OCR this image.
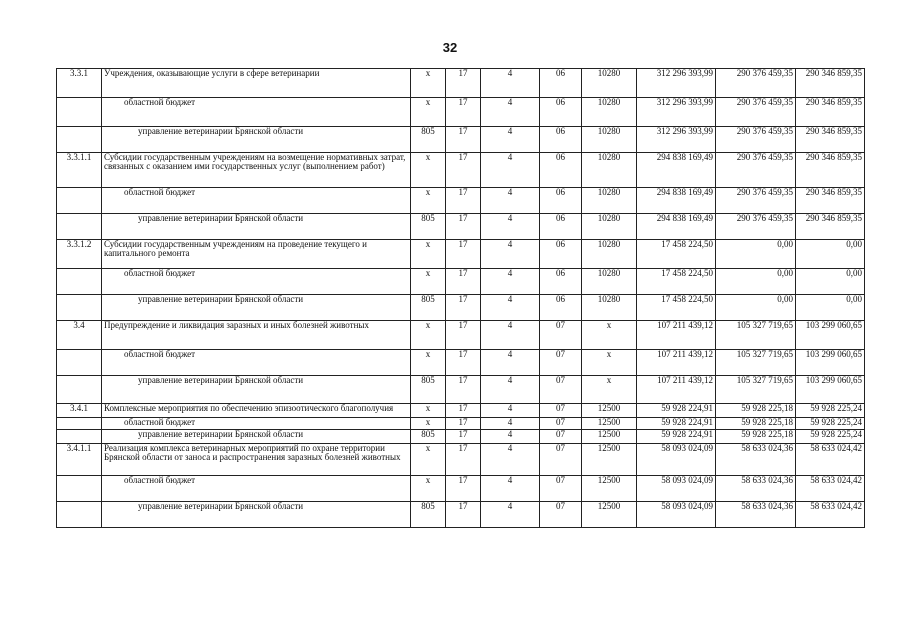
32
3.3.1	Учреждения, оказывающие услуги в сфере ветеринарии	x	17	4	06	10280	312 296 393,99	290 376 459,35	290 346 859,35
	областной бюджет	x	17	4	06	10280	312 296 393,99	290 376 459,35	290 346 859,35
	управление ветеринарии Брянской области	805	17	4	06	10280	312 296 393,99	290 376 459,35	290 346 859,35
3.3.1.1	Субсидии государственным учреждениям на возмещение нормативных затрат, связанных с оказанием ими государственных услуг (выполнением работ)	x	17	4	06	10280	294 838 169,49	290 376 459,35	290 346 859,35
	областной бюджет	x	17	4	06	10280	294 838 169,49	290 376 459,35	290 346 859,35
	управление ветеринарии Брянской области	805	17	4	06	10280	294 838 169,49	290 376 459,35	290 346 859,35
3.3.1.2	Субсидии государственным учреждениям на проведение текущего и капитального ремонта	x	17	4	06	10280	17 458 224,50	0,00	0,00
	областной бюджет	x	17	4	06	10280	17 458 224,50	0,00	0,00
	управление ветеринарии Брянской области	805	17	4	06	10280	17 458 224,50	0,00	0,00
3.4	Предупреждение и ликвидация заразных и иных болезней животных	x	17	4	07	x	107 211 439,12	105 327 719,65	103 299 060,65
	областной бюджет	x	17	4	07	x	107 211 439,12	105 327 719,65	103 299 060,65
	управление ветеринарии Брянской области	805	17	4	07	x	107 211 439,12	105 327 719,65	103 299 060,65
3.4.1	Комплексные мероприятия по обеспечению эпизоотического благополучия	x	17	4	07	12500	59 928 224,91	59 928 225,18	59 928 225,24
	областной бюджет	x	17	4	07	12500	59 928 224,91	59 928 225,18	59 928 225,24
	управление ветеринарии Брянской области	805	17	4	07	12500	59 928 224,91	59 928 225,18	59 928 225,24
3.4.1.1	Реализация комплекса ветеринарных мероприятий по охране территории Брянской области от заноса и распространения заразных болезней животных	x	17	4	07	12500	58 093 024,09	58 633 024,36	58 633 024,42
	областной бюджет	x	17	4	07	12500	58 093 024,09	58 633 024,36	58 633 024,42
	управление ветеринарии Брянской области	805	17	4	07	12500	58 093 024,09	58 633 024,36	58 633 024,42
